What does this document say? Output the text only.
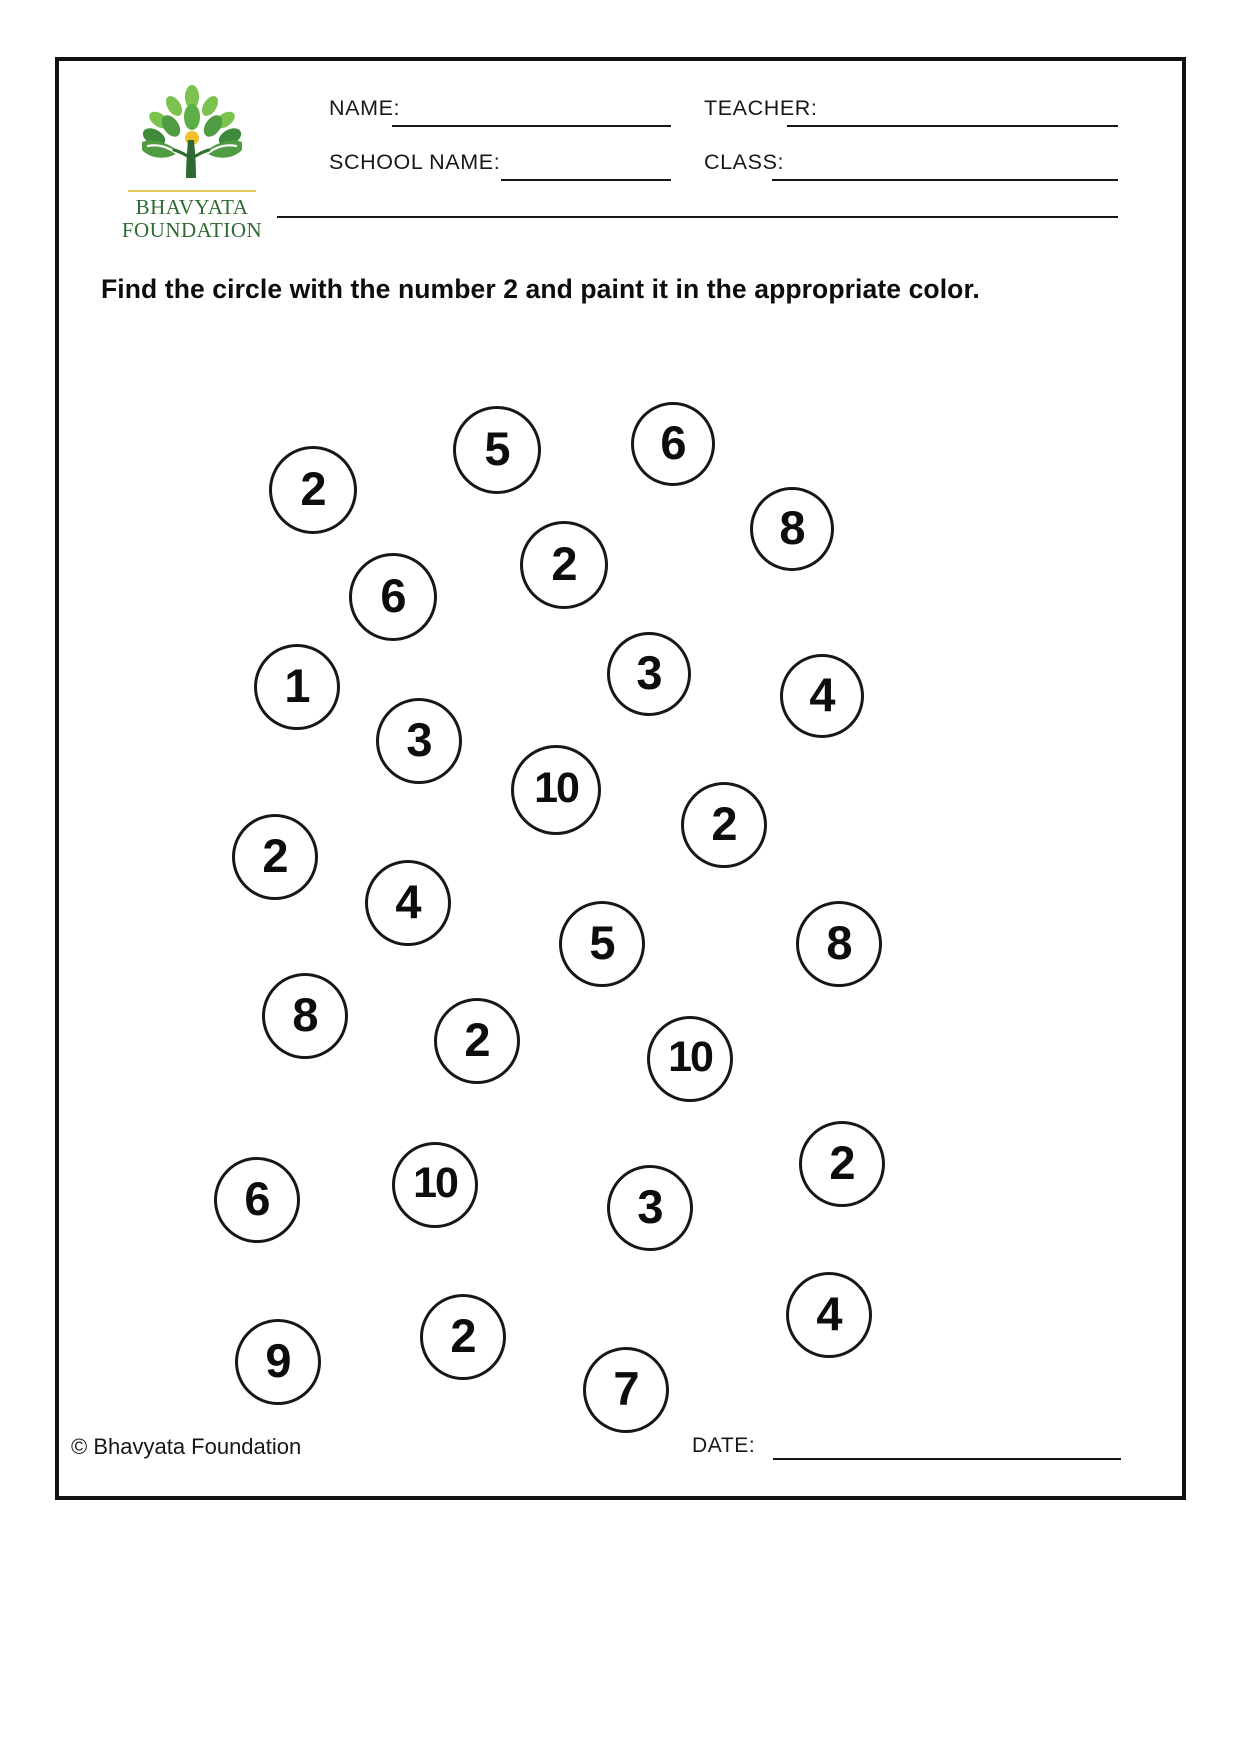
BHAVYATA
FOUNDATION
NAME:	TEACHER:
SCHOOL NAME:	CLASS:
Find the circle with the number 2 and paint it in the appropriate color.
2
5	6
8
2
6
3	4
1
3
10
2
2
4
5	8
8	2	10
2
6	10	3
9	2	4
7
© Bhavyata Foundation	DATE:
